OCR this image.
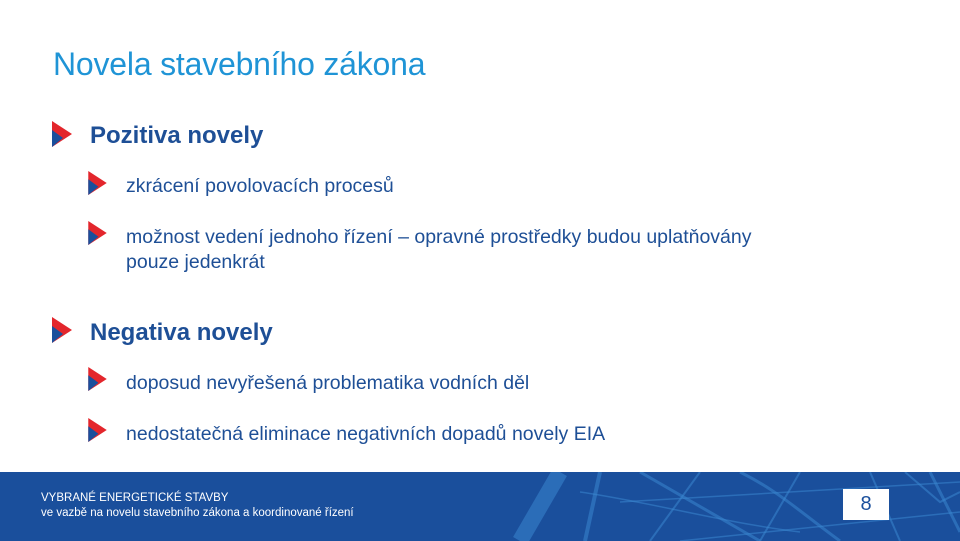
Novela stavebního zákona
Pozitiva novely
zkrácení povolovacích procesů
možnost vedení jednoho řízení – opravné prostředky budou uplatňovány
pouze jedenkrát
Negativa novely
doposud nevyřešená problematika vodních děl
nedostatečná eliminace negativních dopadů novely EIA
VYBRANÉ ENERGETICKÉ STAVBY
ve vazbě na novelu stavebního zákona a koordinované řízení	8
